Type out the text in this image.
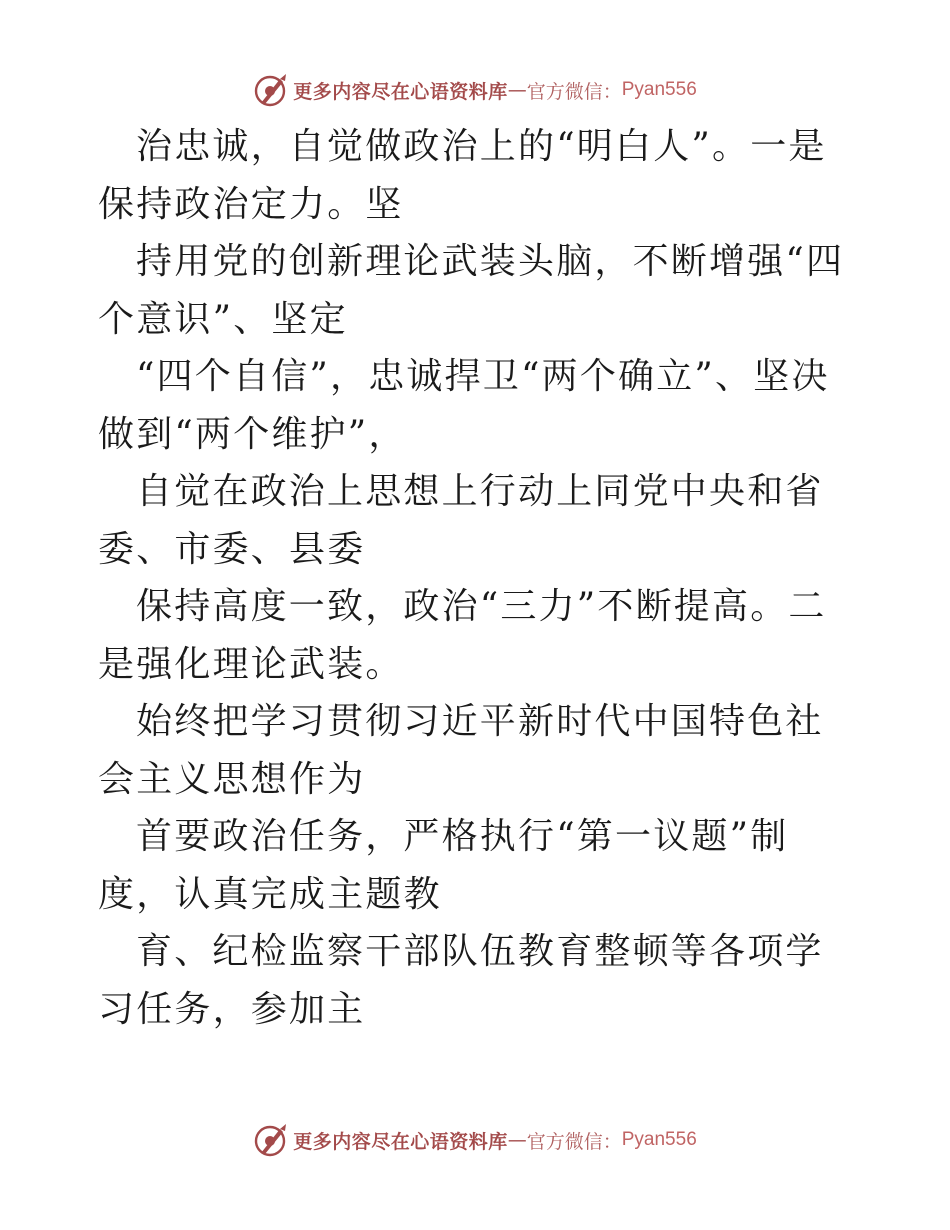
更多内容尽在心语资料库 — 官方微信： Pyan556

治忠诚，自觉做政治上的“明白人”。一是保持政治定力。坚

持用党的创新理论武装头脑，不断增强“四个意识”、坚定

“四个自信”，忠诚捍卫“两个确立”、坚决做到“两个维护”，

自觉在政治上思想上行动上同党中央和省委、市委、县委

保持高度一致，政治“三力”不断提高。二是强化理论武装。

始终把学习贯彻习近平新时代中国特色社会主义思想作为

首要政治任务，严格执行“第一议题”制度，认真完成主题教

育、纪检监察干部队伍教育整顿等各项学习任务，参加主

更多内容尽在心语资料库 — 官方微信： Pyan556
